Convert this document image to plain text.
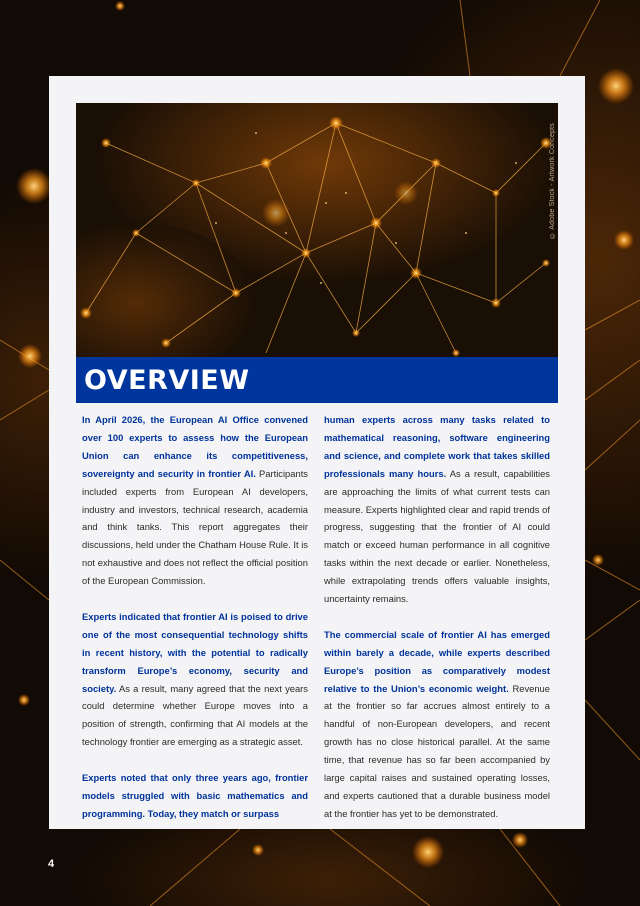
© Adobe Stock - Artwork Concepts
OVERVIEW

In April 2026, the European AI Office convened over 100 experts to assess how the European Union can enhance its competitiveness, sovereignty and security in frontier AI. Participants included experts from European AI developers, industry and investors, technical research, academia and think tanks. This report aggregates their discussions, held under the Chatham House Rule. It is not exhaustive and does not reflect the official position of the European Commission.

Experts indicated that frontier AI is poised to drive one of the most consequential technology shifts in recent history, with the potential to radically transform Europe’s economy, security and society. As a result, many agreed that the next years could determine whether Europe moves into a position of strength, confirming that AI models at the technology frontier are emerging as a strategic asset.

Experts noted that only three years ago, frontier models struggled with basic mathematics and programming. Today, they match or surpass

human experts across many tasks related to mathematical reasoning, software engineering and science, and complete work that takes skilled professionals many hours. As a result, capabilities are approaching the limits of what current tests can measure. Experts highlighted clear and rapid trends of progress, suggesting that the frontier of AI could match or exceed human performance in all cognitive tasks within the next decade or earlier. Nonetheless, while extrapolating trends offers valuable insights, uncertainty remains.

The commercial scale of frontier AI has emerged within barely a decade, while experts described Europe’s position as comparatively modest relative to the Union’s economic weight. Revenue at the frontier so far accrues almost entirely to a handful of non-European developers, and recent growth has no close historical parallel. At the same time, that revenue has so far been accompanied by large capital raises and sustained operating losses, and experts cautioned that a durable business model at the frontier has yet to be demonstrated.

4
